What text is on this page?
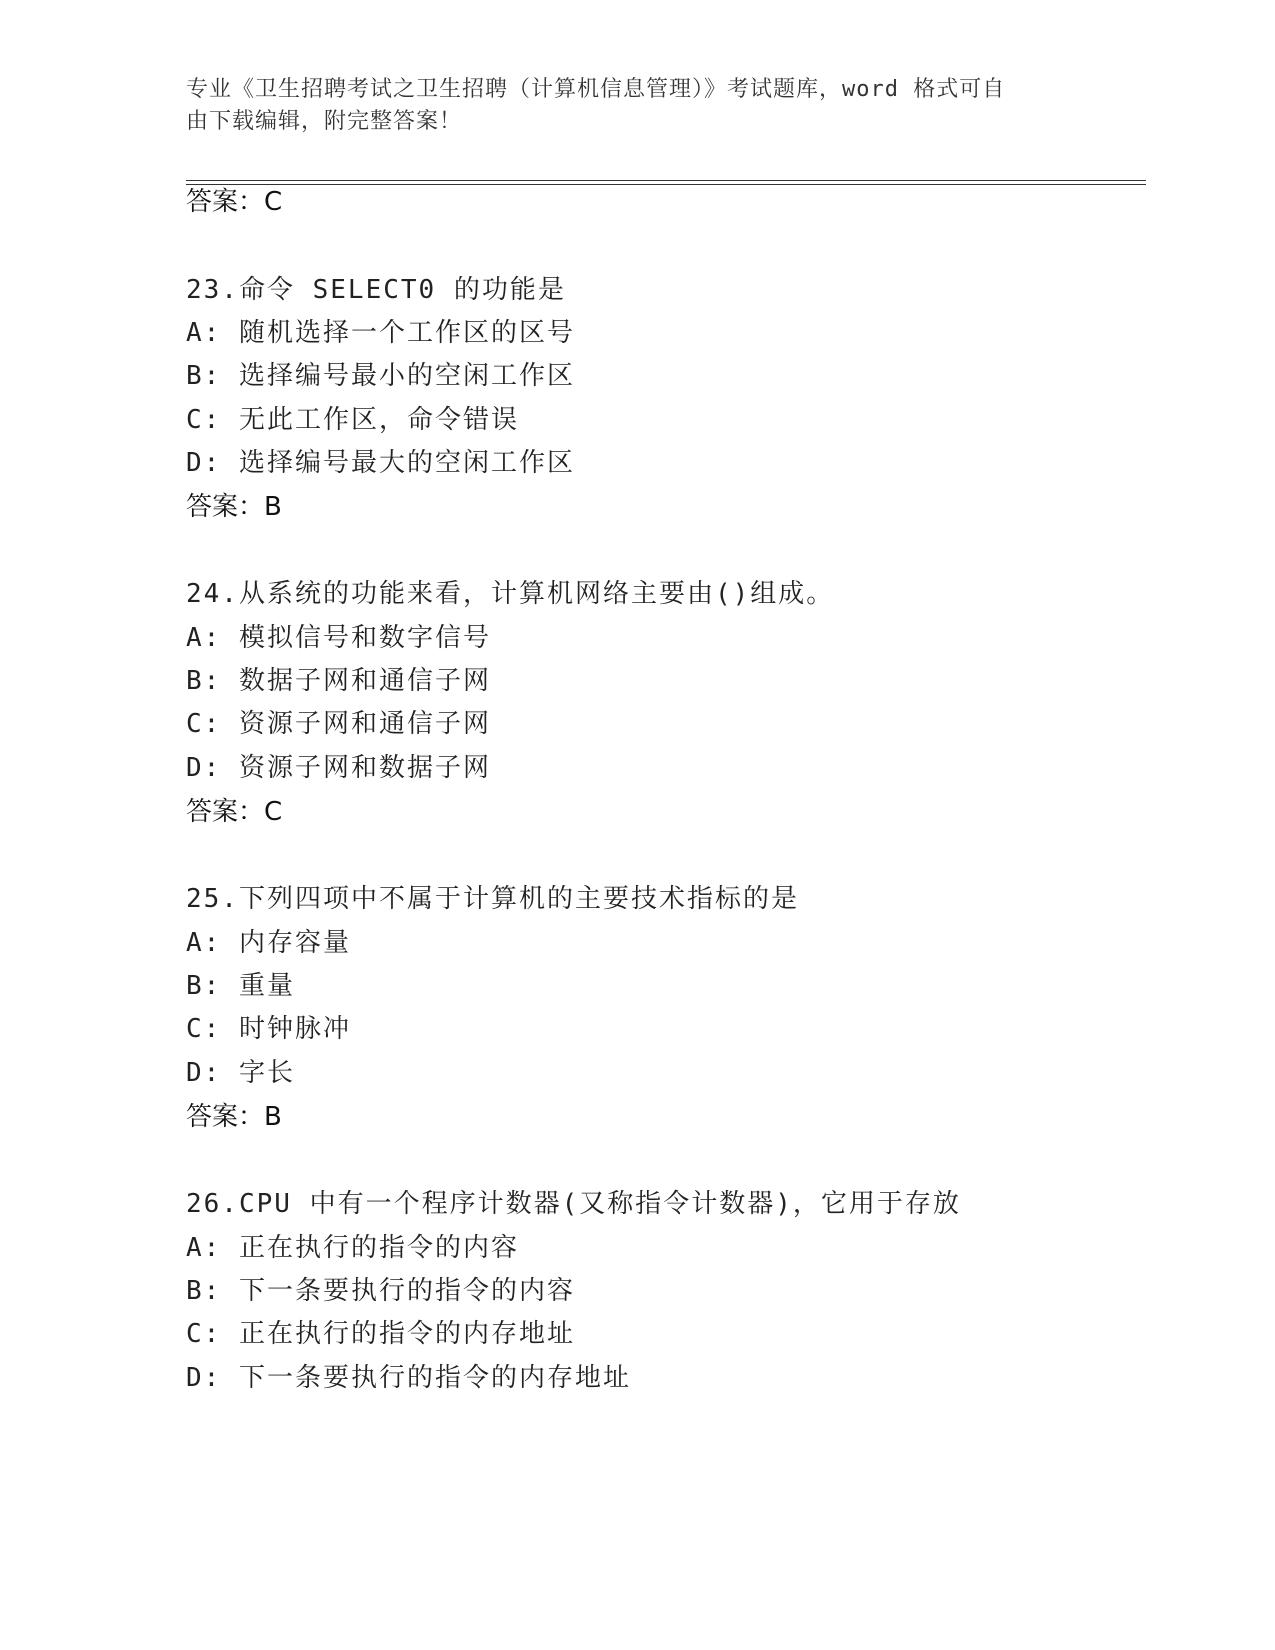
专业《卫生招聘考试之卫生招聘（计算机信息管理）》考试题库，word 格式可自
由下载编辑，附完整答案！
答案：C
23.命令 SELECT0 的功能是
A: 随机选择一个工作区的区号
B: 选择编号最小的空闲工作区
C: 无此工作区，命令错误
D: 选择编号最大的空闲工作区
答案：B
24.从系统的功能来看，计算机网络主要由()组成。
A: 模拟信号和数字信号
B: 数据子网和通信子网
C: 资源子网和通信子网
D: 资源子网和数据子网
答案：C
25.下列四项中不属于计算机的主要技术指标的是
A: 内存容量
B: 重量
C: 时钟脉冲
D: 字长
答案：B
26.CPU 中有一个程序计数器(又称指令计数器)，它用于存放
A: 正在执行的指令的内容
B: 下一条要执行的指令的内容
C: 正在执行的指令的内存地址
D: 下一条要执行的指令的内存地址
